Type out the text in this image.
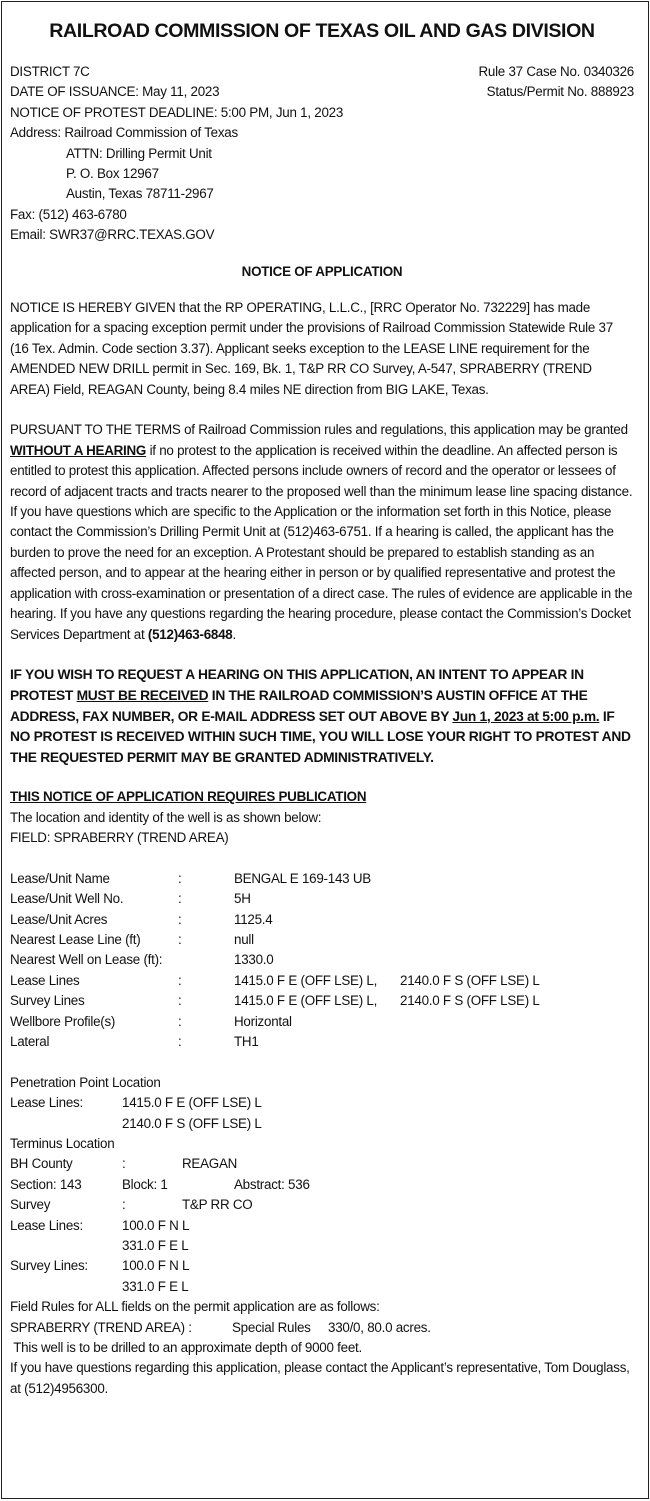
RAILROAD COMMISSION OF TEXAS OIL AND GAS DIVISION
DISTRICT 7C	Rule 37 Case No. 0340326
DATE OF ISSUANCE: May 11, 2023	Status/Permit No. 888923
NOTICE OF PROTEST DEADLINE: 5:00 PM, Jun 1, 2023
Address: Railroad Commission of Texas
ATTN: Drilling Permit Unit
P. O. Box 12967
Austin, Texas 78711-2967
Fax: (512) 463-6780
Email: SWR37@RRC.TEXAS.GOV
NOTICE OF APPLICATION

NOTICE IS HEREBY GIVEN that the RP OPERATING, L.L.C., [RRC Operator No. 732229] has made application for a spacing exception permit under the provisions of Railroad Commission Statewide Rule 37 (16 Tex. Admin. Code section 3.37). Applicant seeks exception to the LEASE LINE requirement for the AMENDED NEW DRILL permit in Sec. 169, Bk. 1, T&P RR CO Survey, A-547, SPRABERRY (TREND AREA) Field, REAGAN County, being 8.4 miles NE direction from BIG LAKE, Texas.

PURSUANT TO THE TERMS of Railroad Commission rules and regulations, this application may be granted WITHOUT A HEARING if no protest to the application is received within the deadline. An affected person is entitled to protest this application. Affected persons include owners of record and the operator or lessees of record of adjacent tracts and tracts nearer to the proposed well than the minimum lease line spacing distance. If you have questions which are specific to the Application or the information set forth in this Notice, please contact the Commission’s Drilling Permit Unit at (512)463-6751. If a hearing is called, the applicant has the burden to prove the need for an exception. A Protestant should be prepared to establish standing as an affected person, and to appear at the hearing either in person or by qualified representative and protest the application with cross-examination or presentation of a direct case. The rules of evidence are applicable in the hearing. If you have any questions regarding the hearing procedure, please contact the Commission’s Docket Services Department at (512)463-6848.

IF YOU WISH TO REQUEST A HEARING ON THIS APPLICATION, AN INTENT TO APPEAR IN PROTEST MUST BE RECEIVED IN THE RAILROAD COMMISSION’S AUSTIN OFFICE AT THE ADDRESS, FAX NUMBER, OR E-MAIL ADDRESS SET OUT ABOVE BY Jun 1, 2023 at 5:00 p.m. IF NO PROTEST IS RECEIVED WITHIN SUCH TIME, YOU WILL LOSE YOUR RIGHT TO PROTEST AND THE REQUESTED PERMIT MAY BE GRANTED ADMINISTRATIVELY.

THIS NOTICE OF APPLICATION REQUIRES PUBLICATION
The location and identity of the well is as shown below:
FIELD: SPRABERRY (TREND AREA)
Lease/Unit Name	:	BENGAL E 169-143 UB
Lease/Unit Well No.	:	5H
Lease/Unit Acres	:	1125.4
Nearest Lease Line (ft)	:	null
Nearest Well on Lease (ft):	1330.0
Lease Lines	:	1415.0 F E (OFF LSE) L,	2140.0 F S (OFF LSE) L
Survey Lines	:	1415.0 F E (OFF LSE) L,	2140.0 F S (OFF LSE) L
Wellbore Profile(s)	:	Horizontal
Lateral	:	TH1
Penetration Point Location
Lease Lines:	1415.0 F E (OFF LSE) L
2140.0 F S (OFF LSE) L
Terminus Location
BH County	:	REAGAN
Section: 143	Block: 1	Abstract: 536
Survey	:	T&P RR CO
Lease Lines:	100.0 F N L
331.0 F E L
Survey Lines:	100.0 F N L
331.0 F E L
Field Rules for ALL fields on the permit application are as follows:
SPRABERRY (TREND AREA) :	Special Rules	330/0, 80.0 acres.
This well is to be drilled to an approximate depth of 9000 feet.
If you have questions regarding this application, please contact the Applicant’s representative, Tom Douglass, at (512)4956300.
